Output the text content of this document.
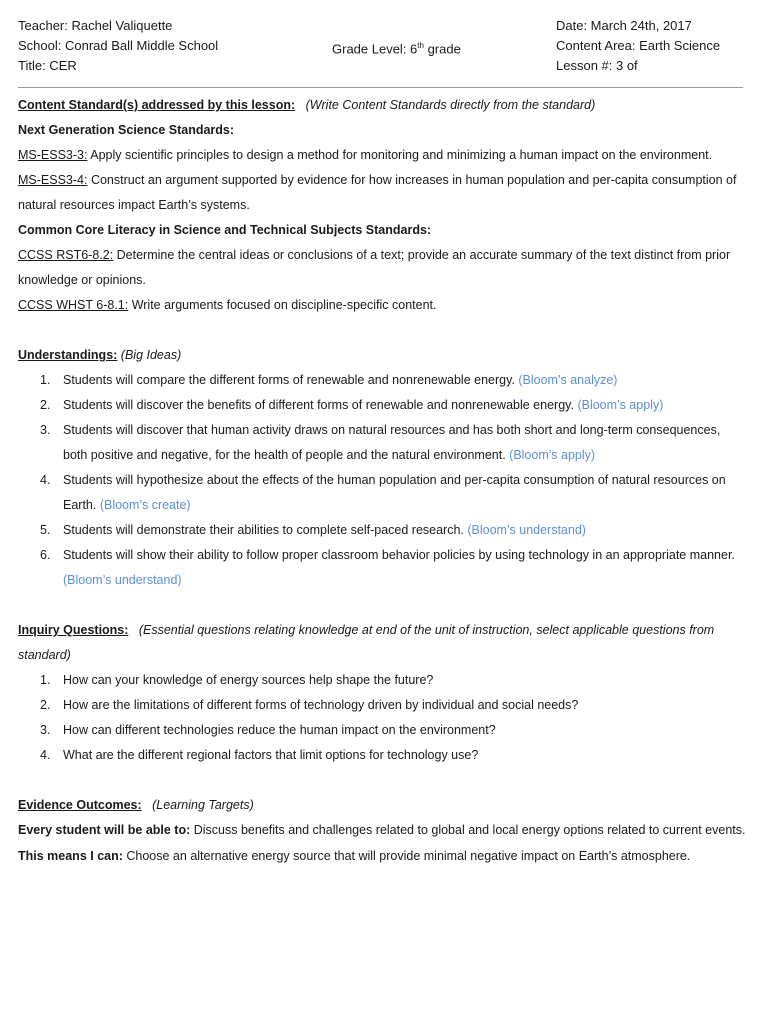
Teacher: Rachel Valiquette
School: Conrad Ball Middle School
Title: CER
Grade Level: 6th grade
Date: March 24th, 2017
Content Area: Earth Science
Lesson #: 3 of

Content Standard(s) addressed by this lesson: (Write Content Standards directly from the standard)

Next Generation Science Standards:

MS-ESS3-3: Apply scientific principles to design a method for monitoring and minimizing a human impact on the environment.

MS-ESS3-4: Construct an argument supported by evidence for how increases in human population and per-capita consumption of natural resources impact Earth’s systems.

Common Core Literacy in Science and Technical Subjects Standards:

CCSS RST6-8.2: Determine the central ideas or conclusions of a text; provide an accurate summary of the text distinct from prior knowledge or opinions.

CCSS WHST 6-8.1: Write arguments focused on discipline-specific content.

Understandings: (Big Ideas)

1. Students will compare the different forms of renewable and nonrenewable energy. (Bloom’s analyze)
2. Students will discover the benefits of different forms of renewable and nonrenewable energy. (Bloom’s apply)
3. Students will discover that human activity draws on natural resources and has both short and long-term consequences, both positive and negative, for the health of people and the natural environment. (Bloom’s apply)
4. Students will hypothesize about the effects of the human population and per-capita consumption of natural resources on Earth. (Bloom’s create)
5. Students will demonstrate their abilities to complete self-paced research. (Bloom’s understand)
6. Students will show their ability to follow proper classroom behavior policies by using technology in an appropriate manner. (Bloom’s understand)

Inquiry Questions: (Essential questions relating knowledge at end of the unit of instruction, select applicable questions from standard)

1. How can your knowledge of energy sources help shape the future?
2. How are the limitations of different forms of technology driven by individual and social needs?
3. How can different technologies reduce the human impact on the environment?
4. What are the different regional factors that limit options for technology use?

Evidence Outcomes: (Learning Targets)

Every student will be able to: Discuss benefits and challenges related to global and local energy options related to current events.

This means I can: Choose an alternative energy source that will provide minimal negative impact on Earth’s atmosphere.
